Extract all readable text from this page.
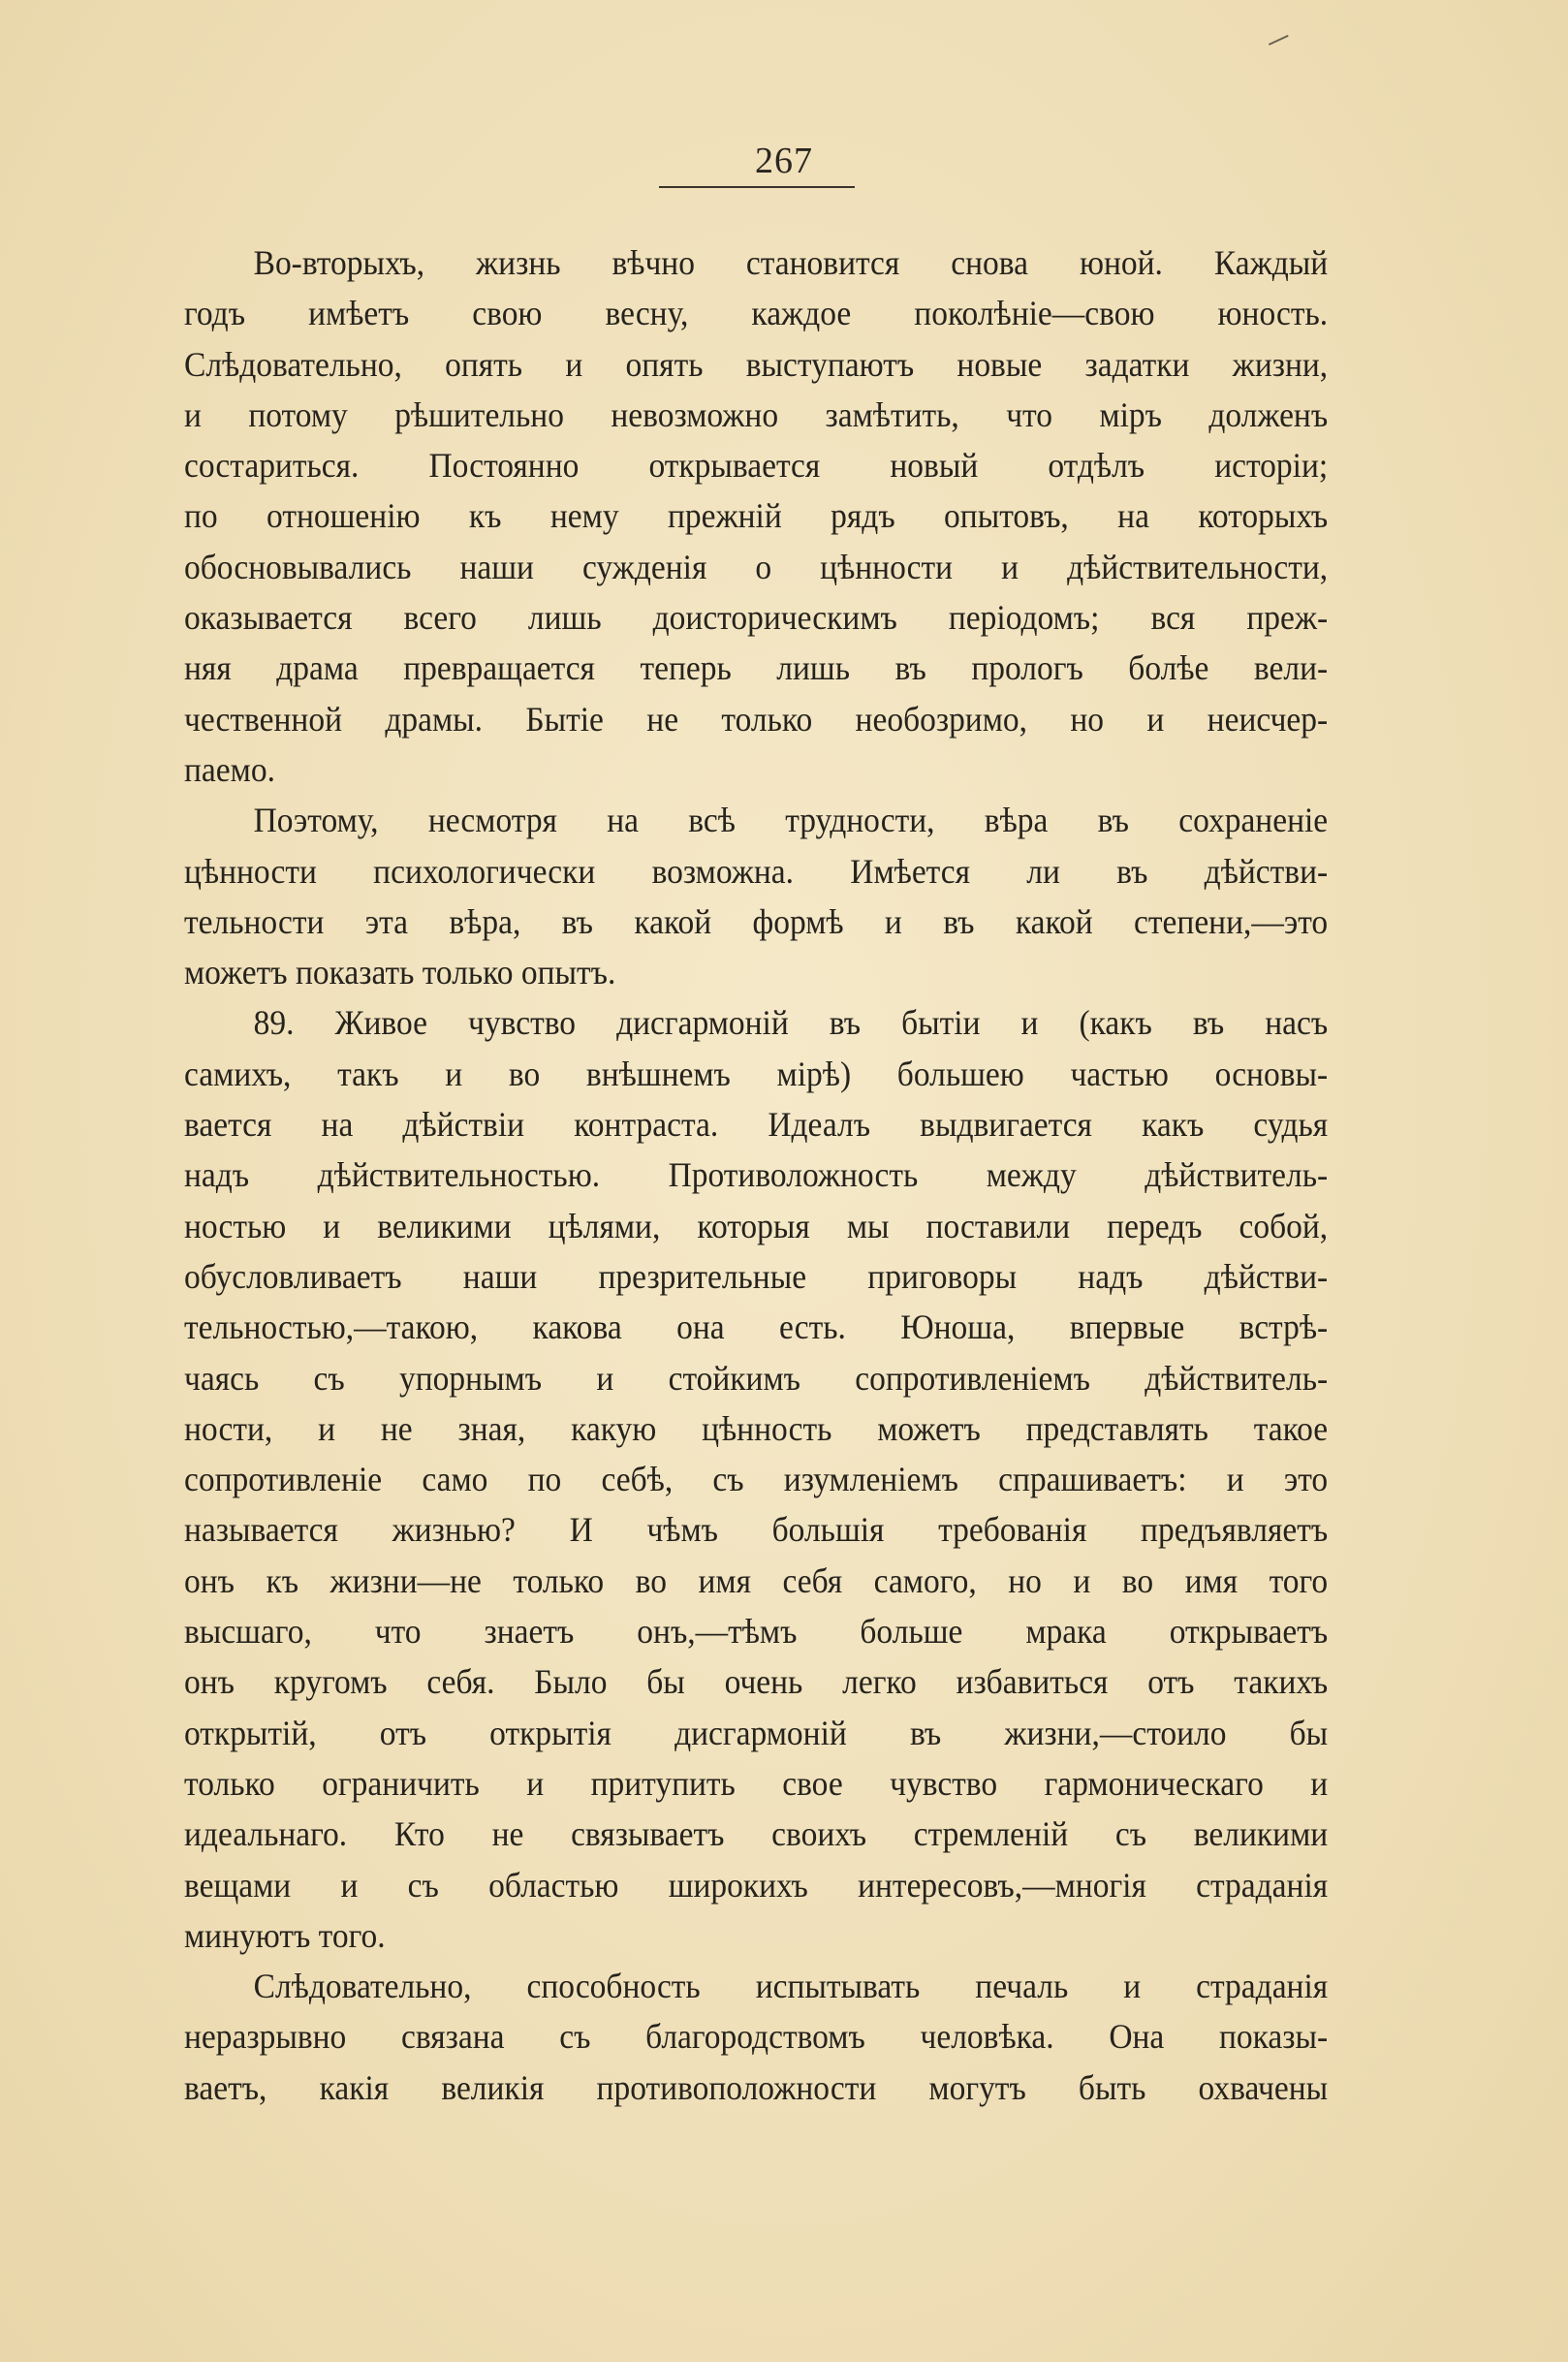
267
Во-вторыхъ, жизнь вѣчно становится снова юной. Каждый
годъ имѣетъ свою весну, каждое поколѣніе—свою юность.
Слѣдовательно, опять и опять выступаютъ новые задатки жизни,
и потому рѣшительно невозможно замѣтить, что міръ долженъ
состариться. Постоянно открывается новый отдѣлъ исторіи;
по отношенію къ нему прежній рядъ опытовъ, на которыхъ
обосновывались наши сужденія о цѣнности и дѣйствительности,
оказывается всего лишь доисторическимъ періодомъ; вся преж-
няя драма превращается теперь лишь въ прологъ болѣе вели-
чественной драмы. Бытіе не только необозримо, но и неисчер-
паемо.
Поэтому, несмотря на всѣ трудности, вѣра въ сохраненіе
цѣнности психологически возможна. Имѣется ли въ дѣйстви-
тельности эта вѣра, въ какой формѣ и въ какой степени,—это
можетъ показать только опытъ.
89. Живое чувство дисгармоній въ бытіи и (какъ въ насъ
самихъ, такъ и во внѣшнемъ мірѣ) большею частью основы-
вается на дѣйствіи контраста. Идеалъ выдвигается какъ судья
надъ дѣйствительностью. Противоложность между дѣйствитель-
ностью и великими цѣлями, которыя мы поставили передъ собой,
обусловливаетъ наши презрительные приговоры надъ дѣйстви-
тельностью,—такою, какова она есть. Юноша, впервые встрѣ-
чаясь съ упорнымъ и стойкимъ сопротивленіемъ дѣйствитель-
ности, и не зная, какую цѣнность можетъ представлять такое
сопротивленіе само по себѣ, съ изумленіемъ спрашиваетъ: и это
называется жизнью? И чѣмъ большія требованія предъявляетъ
онъ къ жизни—не только во имя себя самого, но и во имя того
высшаго, что знаетъ онъ,—тѣмъ больше мрака открываетъ
онъ кругомъ себя. Было бы очень легко избавиться отъ такихъ
открытій, отъ открытія дисгармоній въ жизни,—стоило бы
только ограничить и притупить свое чувство гармоническаго и
идеальнаго. Кто не связываетъ своихъ стремленій съ великими
вещами и съ областью широкихъ интересовъ,—многія страданія
минуютъ того.
Слѣдовательно, способность испытывать печаль и страданія
неразрывно связана съ благородствомъ человѣка. Она показы-
ваетъ, какія великія противоположности могутъ быть охвачены
